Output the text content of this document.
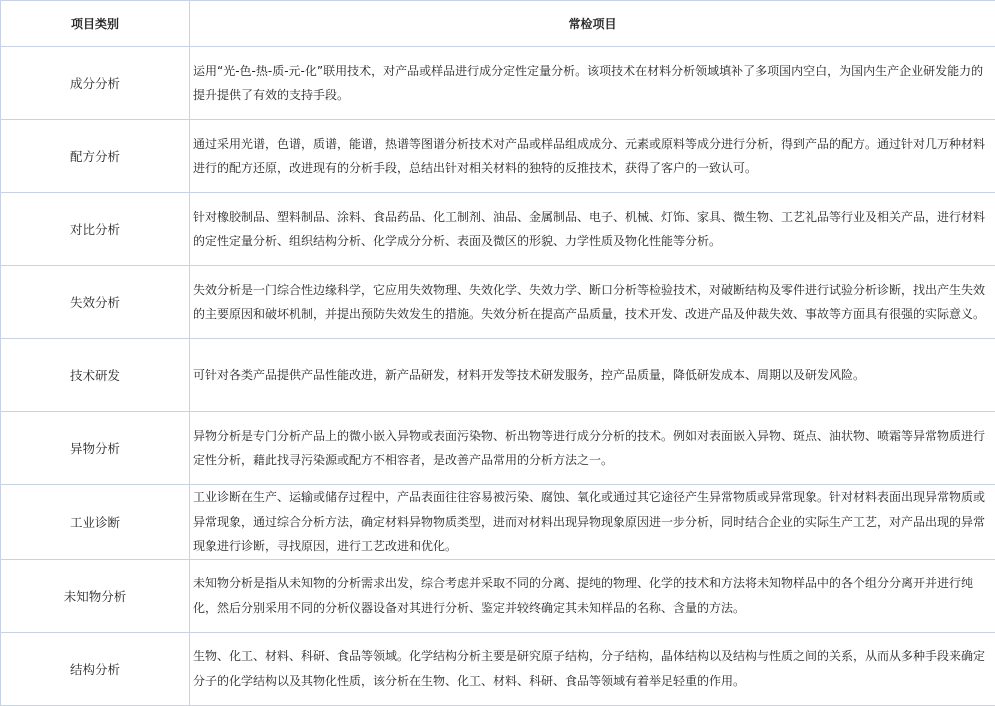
项目类别	常检项目
成分分析	运用“光-色-热-质-元-化”联用技术，对产品或样品进行成分定性定量分析。该项技术在材料分析领域填补了多项国内空白，为国内生产企业研发能力的提升提供了有效的支持手段。
配方分析	通过采用光谱，色谱，质谱，能谱，热谱等图谱分析技术对产品或样品组成成分、元素或原料等成分进行分析，得到产品的配方。通过针对几万种材料进行的配方还原，改进现有的分析手段，总结出针对相关材料的独特的反推技术，获得了客户的一致认可。
对比分析	针对橡胶制品、塑料制品、涂料、食品药品、化工制剂、油品、金属制品、电子、机械、灯饰、家具、微生物、工艺礼品等行业及相关产品，进行材料的定性定量分析、组织结构分析、化学成分分析、表面及微区的形貌、力学性质及物化性能等分析。
失效分析	失效分析是一门综合性边缘科学，它应用失效物理、失效化学、失效力学、断口分析等检验技术，对破断结构及零件进行试验分析诊断，找出产生失效的主要原因和破坏机制，并提出预防失效发生的措施。失效分析在提高产品质量，技术开发、改进产品及仲裁失效、事故等方面具有很强的实际意义。
技术研发	可针对各类产品提供产品性能改进，新产品研发，材料开发等技术研发服务，控产品质量，降低研发成本、周期以及研发风险。
异物分析	异物分析是专门分析产品上的微小嵌入异物或表面污染物、析出物等进行成分分析的技术。例如对表面嵌入异物、斑点、油状物、喷霜等异常物质进行定性分析，藉此找寻污染源或配方不相容者，是改善产品常用的分析方法之一。
工业诊断	工业诊断在生产、运输或储存过程中，产品表面往往容易被污染、腐蚀、氧化或通过其它途径产生异常物质或异常现象。针对材料表面出现异常物质或异常现象，通过综合分析方法，确定材料异物物质类型，进而对材料出现异物现象原因进一步分析，同时结合企业的实际生产工艺，对产品出现的异常现象进行诊断，寻找原因，进行工艺改进和优化。
未知物分析	未知物分析是指从未知物的分析需求出发，综合考虑并采取不同的分离、提纯的物理、化学的技术和方法将未知物样品中的各个组分分离开并进行纯化，然后分别采用不同的分析仪器设备对其进行分析、鉴定并较终确定其未知样品的名称、含量的方法。
结构分析	生物、化工、材料、科研、食品等领域。化学结构分析主要是研究原子结构，分子结构，晶体结构以及结构与性质之间的关系，从而从多种手段来确定分子的化学结构以及其物化性质，该分析在生物、化工、材料、科研、食品等领域有着举足轻重的作用。
